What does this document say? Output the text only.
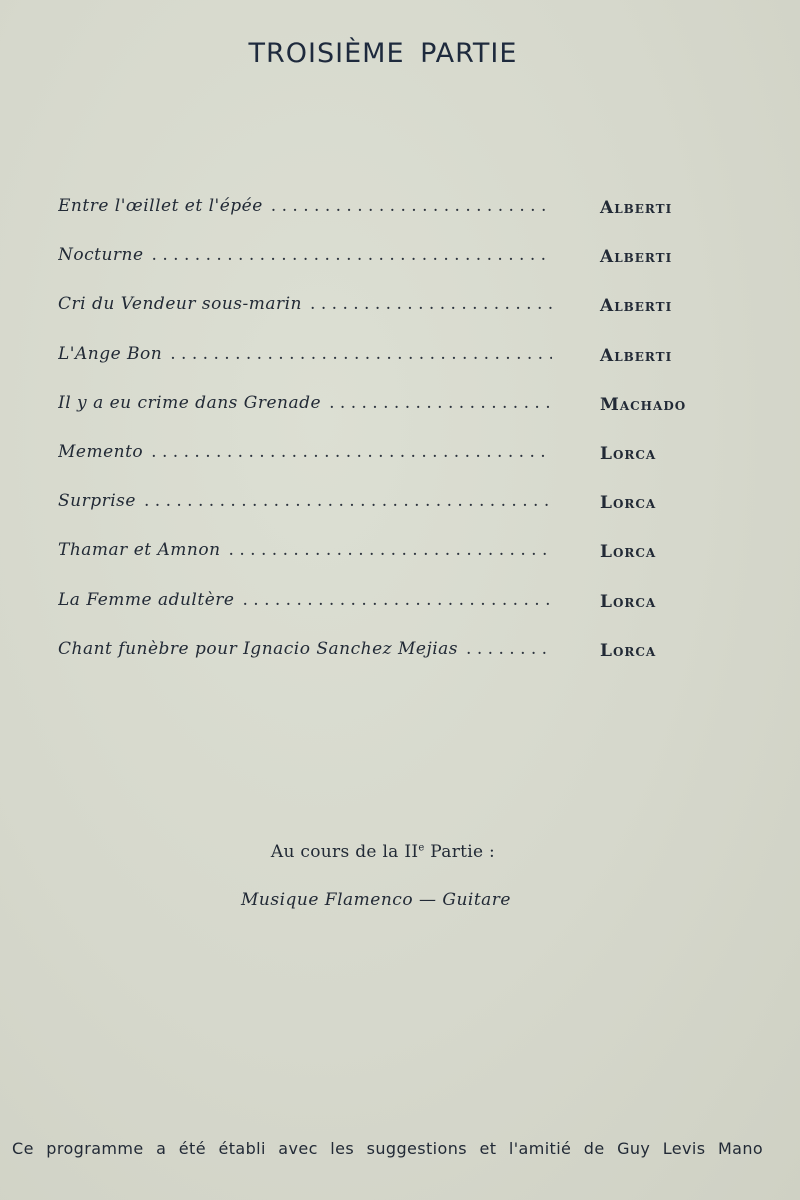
TROISIÈME PARTIE
Entre l'œillet et l'épée . . .	Alberti
Nocturne . . .	Alberti
Cri du Vendeur sous-marin . . .	Alberti
L'Ange Bon . . .	Alberti
Il y a eu crime dans Grenade . . .	Machado
Memento . . .	Lorca
Surprise . . .	Lorca
Thamar et Amnon . . .	Lorca
La Femme adultère . . .	Lorca
Chant funèbre pour Ignacio Sanchez Mejias . . .	Lorca
Au cours de la IIe Partie :
Musique Flamenco — Guitare
Ce programme a été établi avec les suggestions et l'amitié de Guy Levis Mano
